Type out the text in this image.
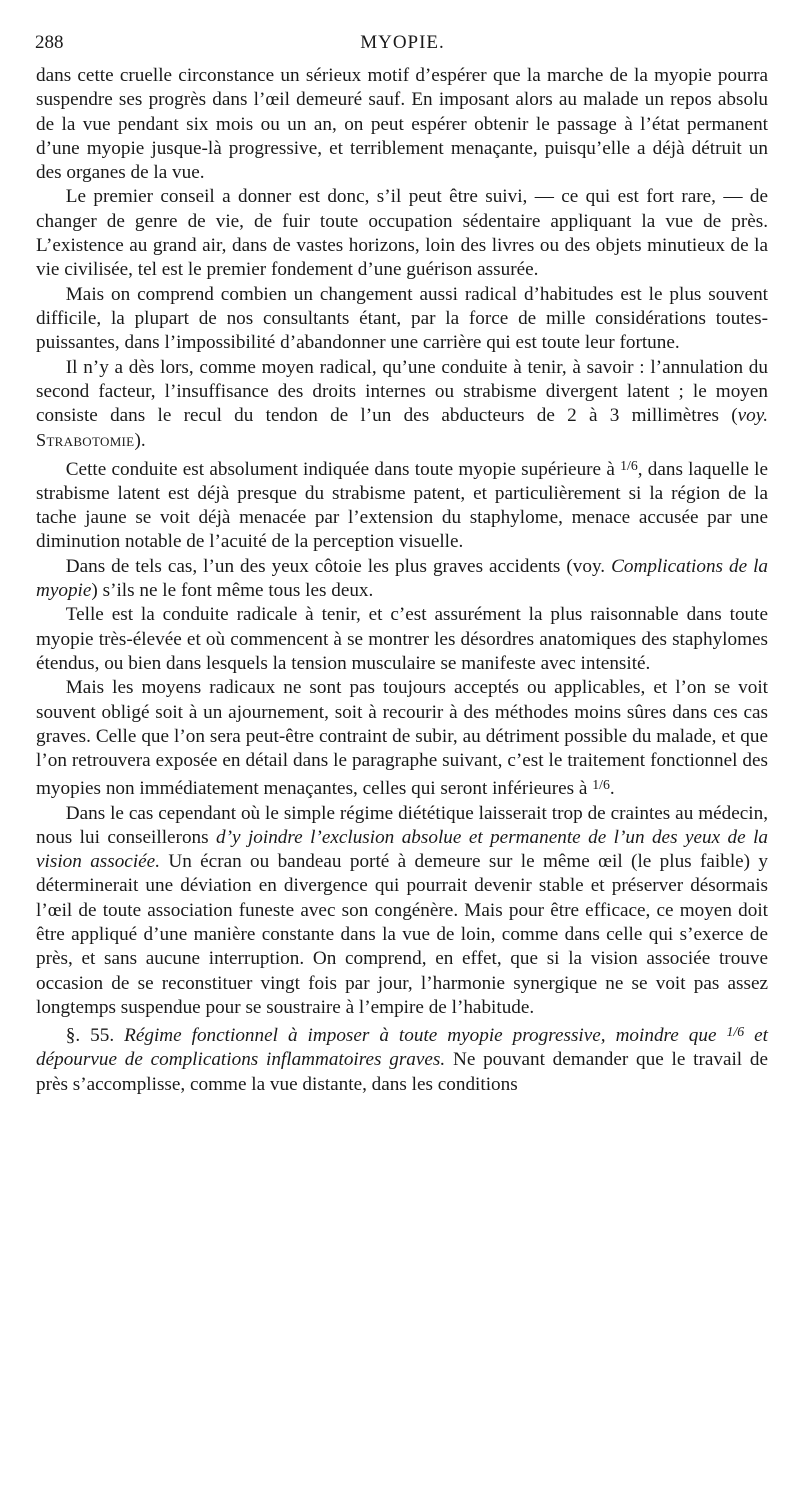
288	MYOPIE.

dans cette cruelle circonstance un sérieux motif d’espérer que la marche de la myopie pourra suspendre ses progrès dans l’œil demeuré sauf. En imposant alors au malade un repos absolu de la vue pendant six mois ou un an, on peut espérer obtenir le passage à l’état permanent d’une myopie jusque-là progressive, et terriblement menaçante, puisqu’elle a déjà détruit un des organes de la vue.

Le premier conseil a donner est donc, s’il peut être suivi, — ce qui est fort rare, — de changer de genre de vie, de fuir toute occupation sédentaire appliquant la vue de près. L’existence au grand air, dans de vastes horizons, loin des livres ou des objets minutieux de la vie civilisée, tel est le premier fondement d’une guérison assurée.

Mais on comprend combien un changement aussi radical d’habitudes est le plus souvent difficile, la plupart de nos consultants étant, par la force de mille considérations toutes-puissantes, dans l’impossibilité d’abandonner une carrière qui est toute leur fortune.

Il n’y a dès lors, comme moyen radical, qu’une conduite à tenir, à savoir : l’annulation du second facteur, l’insuffisance des droits internes ou strabisme divergent latent ; le moyen consiste dans le recul du tendon de l’un des abducteurs de 2 à 3 millimètres (voy. Strabotomie).

Cette conduite est absolument indiquée dans toute myopie supérieure à $^{1/6}$, dans laquelle le strabisme latent est déjà presque du strabisme patent, et particulièrement si la région de la tache jaune se voit déjà menacée par l’extension du staphylome, menace accusée par une diminution notable de l’acuité de la perception visuelle.

Dans de tels cas, l’un des yeux côtoie les plus graves accidents (voy. Complications de la myopie) s’ils ne le font même tous les deux.

Telle est la conduite radicale à tenir, et c’est assurément la plus raisonnable dans toute myopie très-élevée et où commencent à se montrer les désordres anatomiques des staphylomes étendus, ou bien dans lesquels la tension musculaire se manifeste avec intensité.

Mais les moyens radicaux ne sont pas toujours acceptés ou applicables, et l’on se voit souvent obligé soit à un ajournement, soit à recourir à des méthodes moins sûres dans ces cas graves. Celle que l’on sera peut-être contraint de subir, au détriment possible du malade, et que l’on retrouvera exposée en détail dans le paragraphe suivant, c’est le traitement fonctionnel des myopies non immédiatement menaçantes, celles qui seront inférieures à $^{1/6}$.

Dans le cas cependant où le simple régime diététique laisserait trop de craintes au médecin, nous lui conseillerons d’y joindre l’exclusion absolue et permanente de l’un des yeux de la vision associée. Un écran ou bandeau porté à demeure sur le même œil (le plus faible) y déterminerait une déviation en divergence qui pourrait devenir stable et préserver désormais l’œil de toute association funeste avec son congénère. Mais pour être efficace, ce moyen doit être appliqué d’une manière constante dans la vue de loin, comme dans celle qui s’exerce de près, et sans aucune interruption. On comprend, en effet, que si la vision associée trouve occasion de se reconstituer vingt fois par jour, l’harmonie synergique ne se voit pas assez longtemps suspendue pour se soustraire à l’empire de l’habitude.

§. 55. Régime fonctionnel à imposer à toute myopie progressive, moindre que $^{1/6}$ et dépourvue de complications inflammatoires graves. Ne pouvant demander que le travail de près s’accomplisse, comme la vue distante, dans les conditions
